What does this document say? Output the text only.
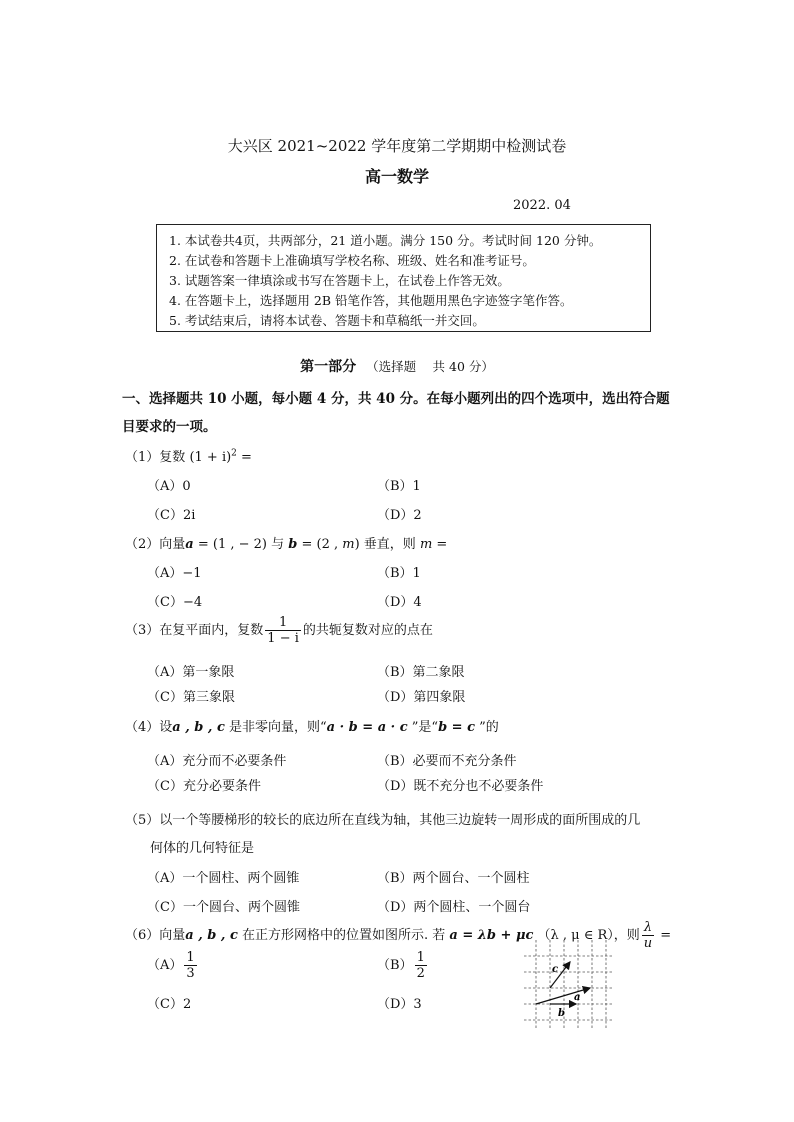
大兴区 2021~2022 学年度第二学期期中检测试卷
高一数学
2022. 04
1. 本试卷共4页，共两部分，21 道小题。满分 150 分。考试时间 120 分钟。
2. 在试卷和答题卡上准确填写学校名称、班级、姓名和准考证号。
3. 试题答案一律填涂或书写在答题卡上，在试卷上作答无效。
4. 在答题卡上，选择题用 2B 铅笔作答，其他题用黑色字迹签字笔作答。
5. 考试结束后，请将本试卷、答题卡和草稿纸一并交回。
第一部分 （选择题　 共 40 分）
一、选择题共 10 小题，每小题 4 分，共 40 分。在每小题列出的四个选项中，选出符合题
目要求的一项。
（1）复数 $(1 + i)^2$ =
（A）0	（B）1
（C）2i	（D）2
（2）向量a = (1 , − 2) 与 b = (2 , m) 垂直，则 m =
（A）−1	（B）1
（C）−4	（D）4
（3）在复平面内，复数 $\frac{1}{1 - i}$ 的共轭复数对应的点在
（A）第一象限	（B）第二象限
（C）第三象限	（D）第四象限
（4）设a , b , c 是非零向量，则“a · b = a · c ”是“b = c ”的
（A）充分而不必要条件	（B）必要而不充分条件
（C）充分必要条件	（D）既不充分也不必要条件
（5）以一个等腰梯形的较长的底边所在直线为轴，其他三边旋转一周形成的面所围成的几
何体的几何特征是
（A）一个圆柱、两个圆锥	（B）两个圆台、一个圆柱
（C）一个圆台、两个圆锥	（D）两个圆柱、一个圆台
（6）向量a , b , c 在正方形网格中的位置如图所示. 若 a = λb + μc （λ , μ ∈ R），则 $\frac{\lambda}{u}$ =
$(A) \frac{1}{3}$	$(B) \frac{1}{2}$
（C）2	（D）3
c
a
b
